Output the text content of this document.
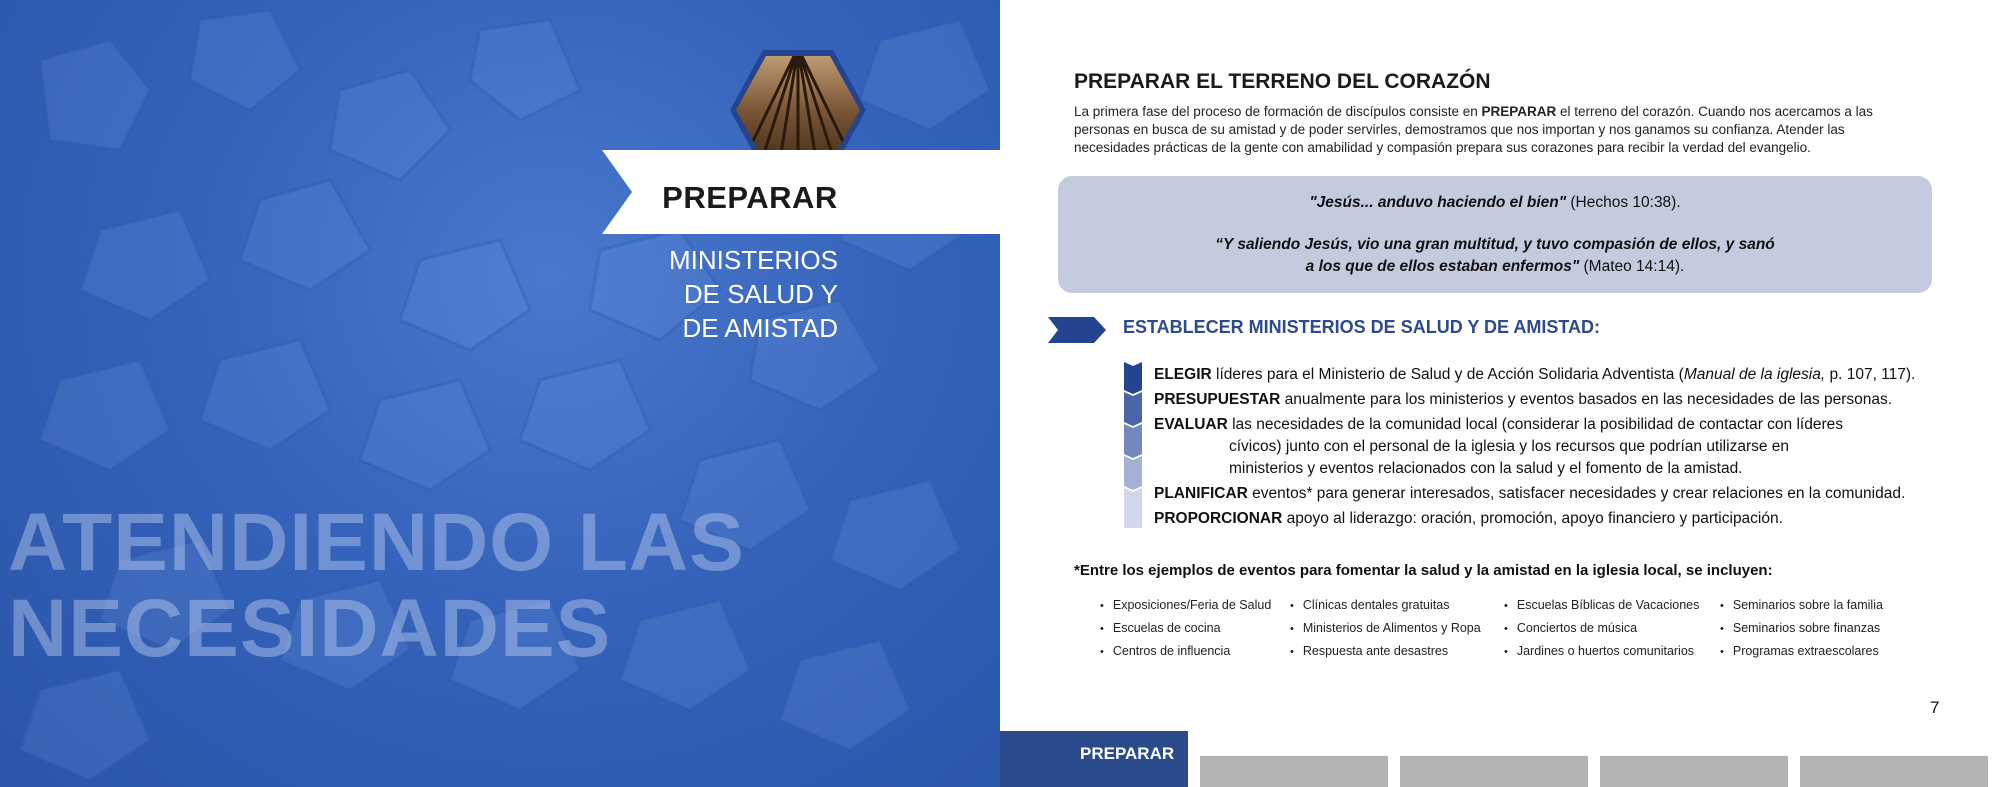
PREPARAR
MINISTERIOS
DE SALUD Y
DE AMISTAD
ATENDIENDO LAS
NECESIDADES
PREPARAR EL TERRENO DEL CORAZÓN
La primera fase del proceso de formación de discípulos consiste en PREPARAR el terreno del corazón. Cuando nos acercamos a las personas en busca de su amistad y de poder servirles, demostramos que nos importan y nos ganamos su confianza. Atender las necesidades prácticas de la gente con amabilidad y compasión prepara sus corazones para recibir la verdad del evangelio.
"Jesús... anduvo haciendo el bien" (Hechos 10:38).
“Y saliendo Jesús, vio una gran multitud, y tuvo compasión de ellos, y sanó
a los que de ellos estaban enfermos" (Mateo 14:14).
ESTABLECER MINISTERIOS DE SALUD Y DE AMISTAD:
ELEGIR líderes para el Ministerio de Salud y de Acción Solidaria Adventista (Manual de la iglesia, p. 107, 117).
PRESUPUESTAR anualmente para los ministerios y eventos basados en las necesidades de las personas.
EVALUAR las necesidades de la comunidad local (considerar la posibilidad de contactar con líderes
cívicos) junto con el personal de la iglesia y los recursos que podrían utilizarse en
ministerios y eventos relacionados con la salud y el fomento de la amistad.
PLANIFICAR eventos* para generar interesados, satisfacer necesidades y crear relaciones en la comunidad.
PROPORCIONAR apoyo al liderazgo: oración, promoción, apoyo financiero y participación.
*Entre los ejemplos de eventos para fomentar la salud y la amistad en la iglesia local, se incluyen:
• Exposiciones/Feria de Salud
• Escuelas de cocina
• Centros de influencia
• Clínicas dentales gratuitas
• Ministerios de Alimentos y Ropa
• Respuesta ante desastres
• Escuelas Bíblicas de Vacaciones
• Conciertos de música
• Jardines o huertos comunitarios
• Seminarios sobre la familia
• Seminarios sobre finanzas
• Programas extraescolares
7
PREPARAR
